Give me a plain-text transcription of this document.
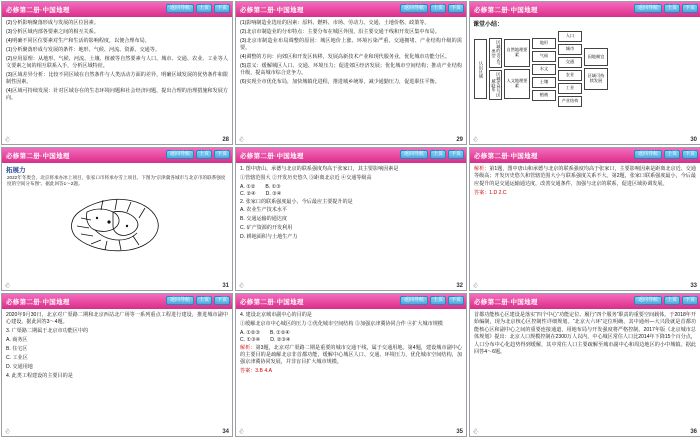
必修第二册·中国地理	返回导航	上页	下页

(2)分析影响聚落形成与发展的区位因素。

(3)分析区域内部各要素之间的相互关系。

(4)明确不同区位要素对生产和生活的影响程度，以便合理布局。

(1)分析聚落形成与发展的条件：地形、气候、河流、资源、交通等。

(2)应用原理：从地形、气候、河流、土壤、植被等自然要素与人口、城市、交通、农业、工业等人文要素之间的相互联系入手，分析区域特征。

(3)区域差异分析：比较不同区域在自然条件与人类活动方面的差异，明确区域发展的优势条件和限制性因素。

(4)区域可持续发展：针对区域存在的生态环境问题和社会经济问题，提出合理的治理措施和发展方向。

必	28
必修第二册·中国地理	返回导航	上页	下页

(1)影响制造业选址的因素：原料、燃料、市场、劳动力、交通、土地价格、政策等。

(2)北京市制造业的分布特点：主要分布在城区外围，沿主要交通干线和开发区集中布局。

(3)北京市制造业布局调整的原因：城区地价上涨、环境污染严重、交通拥堵、产业结构升级的需要。

(4)调整的方向：向郊区和开发区转移，发展高新技术产业和现代服务业，优化城市功能分区。

(5)意义：缓解城区人口、交通、环境压力；促进郊区经济发展；优化城市空间结构；推动产业结构升级，提高城市综合竞争力。

(6)实现全市优化布局，加快城镇化进程，推进城乡统筹，减少通勤压力，促进职住平衡。

必	29
必修第二册·中国地理	返回导航	上页	下页
课堂小结：
认识区域
区域的含义与类型
区域差异与区域联系
自然地理要素
人文地理要素
地形
气候
水文
土壤
植被
人口
城市
交通
农业
工业
产业结构
因地制宜
区域可持续发展
必	30
必修第二册·中国地理	返回导航	上页	下页
拓展力
2022年冬奥会，北京将承办冰上项目，张家口市将承办雪上项目。下图为“京津冀各城市与北京市的联系强度度的空间分布图”。据此回答1～2题。
必	31
必修第二册·中国地理	返回导航	上页	下页

1. 图中唐山、承德与北京的联系强度均高于张家口，其主要影响因素是

①管辖范围大 ②开发历史悠久 ③距离北京近 ④交通等级高

A. ①② B. ①③
C. ②④ D. ③④

2. 张家口的联系强度最小，今后最应主要提升的是

A. 农业生产技术水平

B. 交通运输的通达度

C. 矿产资源的开发利用

D. 耕地面积与土地生产力

必	32
必修第二册·中国地理	返回导航	上页	下页

解析：第1题，图中唐山和承德与北京的联系强度均高于张家口，主要影响因素是距离北京近、交通等级高；开发历史悠久和管辖范围大小与联系强度关系不大。第2题，张家口联系强度最小，今后最应提升的是交通运输通达度，改善交通条件，加强与北京的联系，促进区域协调发展。

答案：1.D 2.C

必	33
必修第二册·中国地理	返回导航	上页	下页

2020年9月30日，北京对广渠路二期和北京西站北广场等一系列重点工程进行建设，推进城市副中心建设。据此回答3～4题。

3. 广渠路二期属于北京市功能区中的

A. 商务区

B. 住宅区

C. 工业区

D. 交通用地

4. 此类工程建设的主要目的是

必	34
必修第二册·中国地理	返回导航	上页	下页

4. 建设北京城市副中心的目的是

①缓解北京市中心城区的压力 ②优化城市空间结构 ③加强京津冀协同合作 ④扩大城市规模

A. ①②③ B. ①②④
C. ①③④ D. ②③④

解析：第3题，北京对广渠路二期是重要的城市交通干线，属于交通用地。第4题，建设城市副中心的主要目的是疏解北京非首都功能，缓解中心城区人口、交通、环境压力，优化城市空间结构，加强京津冀协同发展，并非盲目扩大城市规模。

答案：3.B 4.A

必	35
必修第二册·中国地理	返回导航	上页	下页

首都功能核心区建设是落实“四个中心”功能定位、履行“四个服务”职责的重要空间载体。于2018年开始编制，现为北京核心区控制性详细规划。“北京大六环”定位明确，其中通州—大兴段就是首都功能核心区和副中心之间的重要连接通道，用地布局与开发强度将严格控制。2017年版《北京城市总体规划》提出：北京人口规模控制在2300万人以内，中心城区常住人口比2014年下降15个百分点，人口分布中心化趋势得到缓解，其中常住人口主要疏解至城市副中心和周边地区的小中城镇。据此回答4～6题。

必	36
